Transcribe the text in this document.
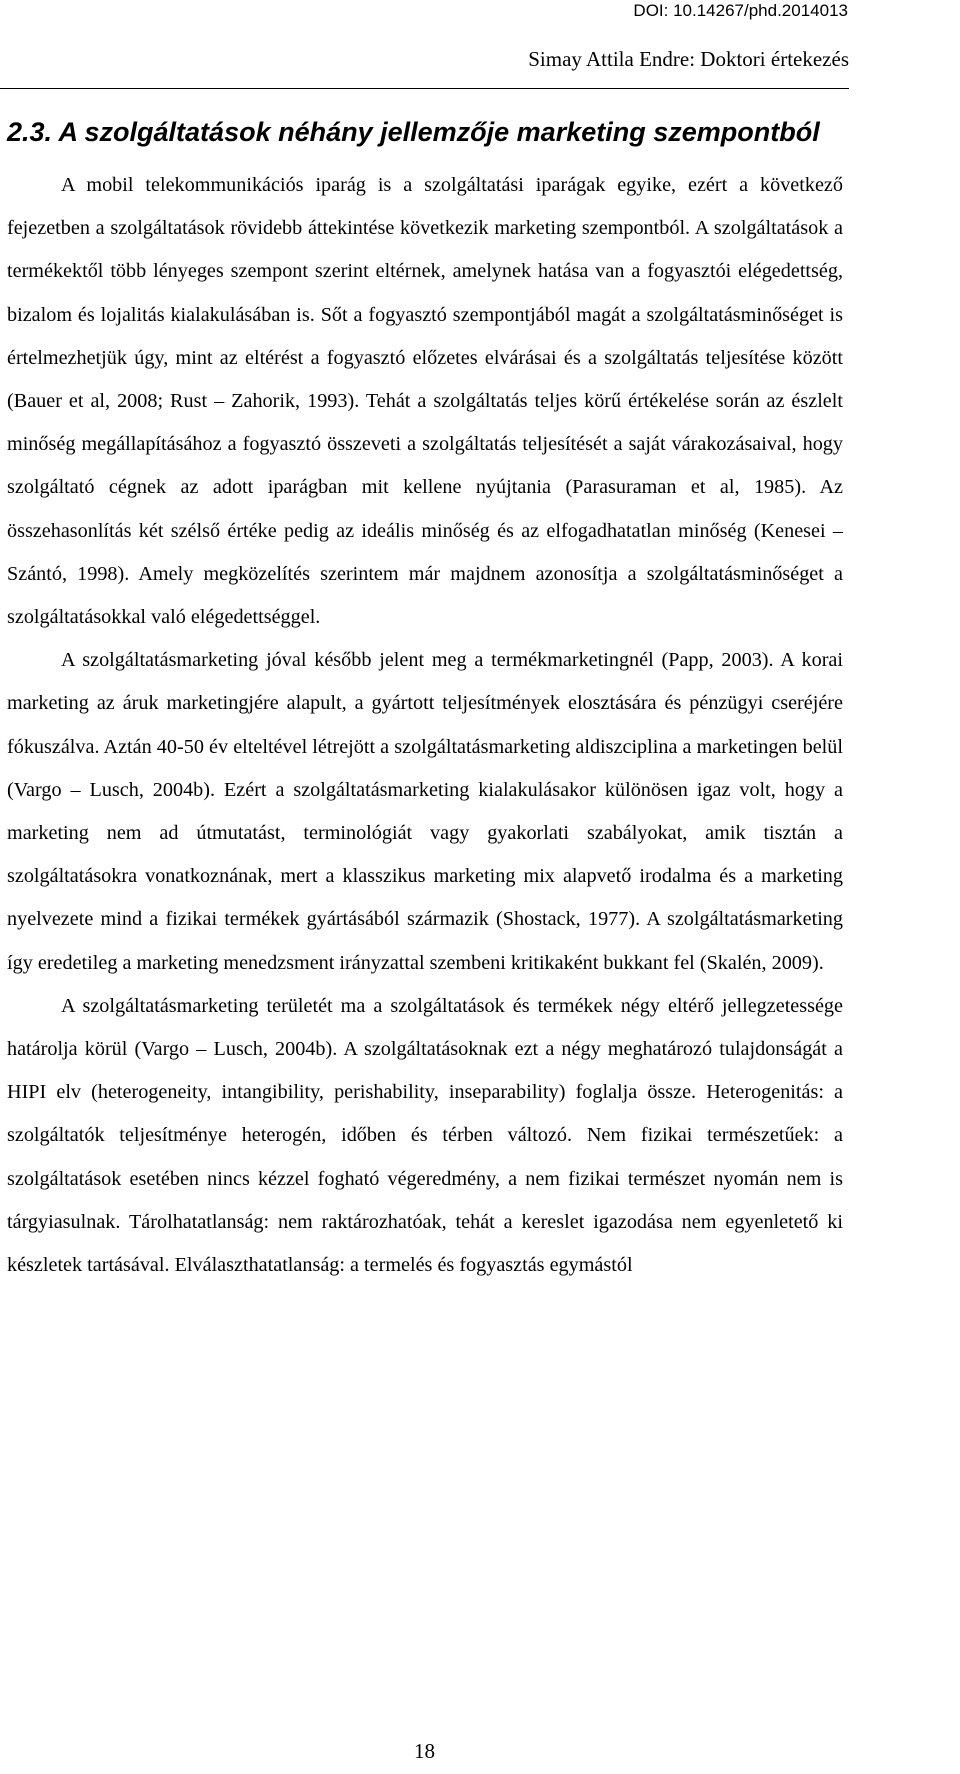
DOI: 10.14267/phd.2014013
Simay Attila Endre: Doktori értekezés
2.3. A szolgáltatások néhány jellemzője marketing szempontból

A mobil telekommunikációs iparág is a szolgáltatási iparágak egyike, ezért a következő fejezetben a szolgáltatások rövidebb áttekintése következik marketing szempontból. A szolgáltatások a termékektől több lényeges szempont szerint eltérnek, amelynek hatása van a fogyasztói elégedettség, bizalom és lojalitás kialakulásában is. Sőt a fogyasztó szempontjából magát a szolgáltatásminőséget is értelmezhetjük úgy, mint az eltérést a fogyasztó előzetes elvárásai és a szolgáltatás teljesítése között (Bauer et al, 2008; Rust – Zahorik, 1993). Tehát a szolgáltatás teljes körű értékelése során az észlelt minőség megállapításához a fogyasztó összeveti a szolgáltatás teljesítését a saját várakozásaival, hogy szolgáltató cégnek az adott iparágban mit kellene nyújtania (Parasuraman et al, 1985). Az összehasonlítás két szélső értéke pedig az ideális minőség és az elfogadhatatlan minőség (Kenesei – Szántó, 1998). Amely megközelítés szerintem már majdnem azonosítja a szolgáltatásminőséget a szolgáltatásokkal való elégedettséggel.

A szolgáltatásmarketing jóval később jelent meg a termékmarketingnél (Papp, 2003). A korai marketing az áruk marketingjére alapult, a gyártott teljesítmények elosztására és pénzügyi cseréjére fókuszálva. Aztán 40-50 év elteltével létrejött a szolgáltatásmarketing aldiszciplina a marketingen belül (Vargo – Lusch, 2004b). Ezért a szolgáltatásmarketing kialakulásakor különösen igaz volt, hogy a marketing nem ad útmutatást, terminológiát vagy gyakorlati szabályokat, amik tisztán a szolgáltatásokra vonatkoznának, mert a klasszikus marketing mix alapvető irodalma és a marketing nyelvezete mind a fizikai termékek gyártásából származik (Shostack, 1977). A szolgáltatásmarketing így eredetileg a marketing menedzsment irányzattal szembeni kritikaként bukkant fel (Skalén, 2009).

A szolgáltatásmarketing területét ma a szolgáltatások és termékek négy eltérő jellegzetessége határolja körül (Vargo – Lusch, 2004b). A szolgáltatásoknak ezt a négy meghatározó tulajdonságát a HIPI elv (heterogeneity, intangibility, perishability, inseparability) foglalja össze. Heterogenitás: a szolgáltatók teljesítménye heterogén, időben és térben változó. Nem fizikai természetűek: a szolgáltatások esetében nincs kézzel fogható végeredmény, a nem fizikai természet nyomán nem is tárgyiasulnak. Tárolhatatlanság: nem raktározhatóak, tehát a kereslet igazodása nem egyenletető ki készletek tartásával. Elválaszthatatlanság: a termelés és fogyasztás egymástól

18
